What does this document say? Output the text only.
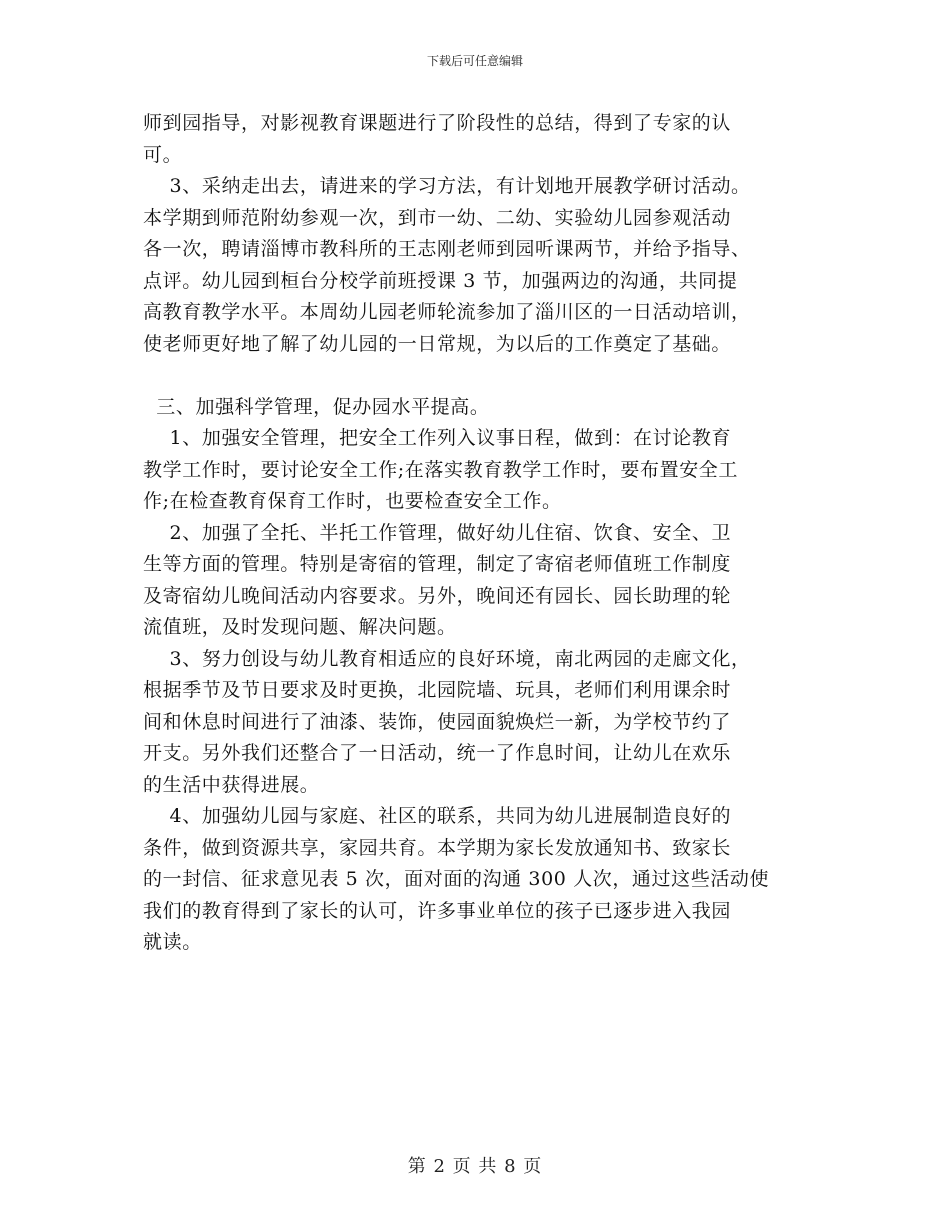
下载后可任意编辑
师到园指导，对影视教育课题进行了阶段性的总结，得到了专家的认
可。
3、采纳走出去，请进来的学习方法，有计划地开展教学研讨活动。
本学期到师范附幼参观一次，到市一幼、二幼、实验幼儿园参观活动
各一次，聘请淄博市教科所的王志刚老师到园听课两节，并给予指导、
点评。幼儿园到桓台分校学前班授课 3 节，加强两边的沟通，共同提
高教育教学水平。本周幼儿园老师轮流参加了淄川区的一日活动培训，
使老师更好地了解了幼儿园的一日常规，为以后的工作奠定了基础。
三、加强科学管理，促办园水平提高。
1、加强安全管理，把安全工作列入议事日程，做到：在讨论教育
教学工作时，要讨论安全工作;在落实教育教学工作时，要布置安全工
作;在检查教育保育工作时，也要检查安全工作。
2、加强了全托、半托工作管理，做好幼儿住宿、饮食、安全、卫
生等方面的管理。特别是寄宿的管理，制定了寄宿老师值班工作制度
及寄宿幼儿晚间活动内容要求。另外，晚间还有园长、园长助理的轮
流值班，及时发现问题、解决问题。
3、努力创设与幼儿教育相适应的良好环境，南北两园的走廊文化，
根据季节及节日要求及时更换，北园院墙、玩具，老师们利用课余时
间和休息时间进行了油漆、装饰，使园面貌焕烂一新，为学校节约了
开支。另外我们还整合了一日活动，统一了作息时间，让幼儿在欢乐
的生活中获得进展。
4、加强幼儿园与家庭、社区的联系，共同为幼儿进展制造良好的
条件，做到资源共享，家园共育。本学期为家长发放通知书、致家长
的一封信、征求意见表 5 次，面对面的沟通 300 人次，通过这些活动使
我们的教育得到了家长的认可，许多事业单位的孩子已逐步进入我园
就读。
第 2 页 共 8 页
